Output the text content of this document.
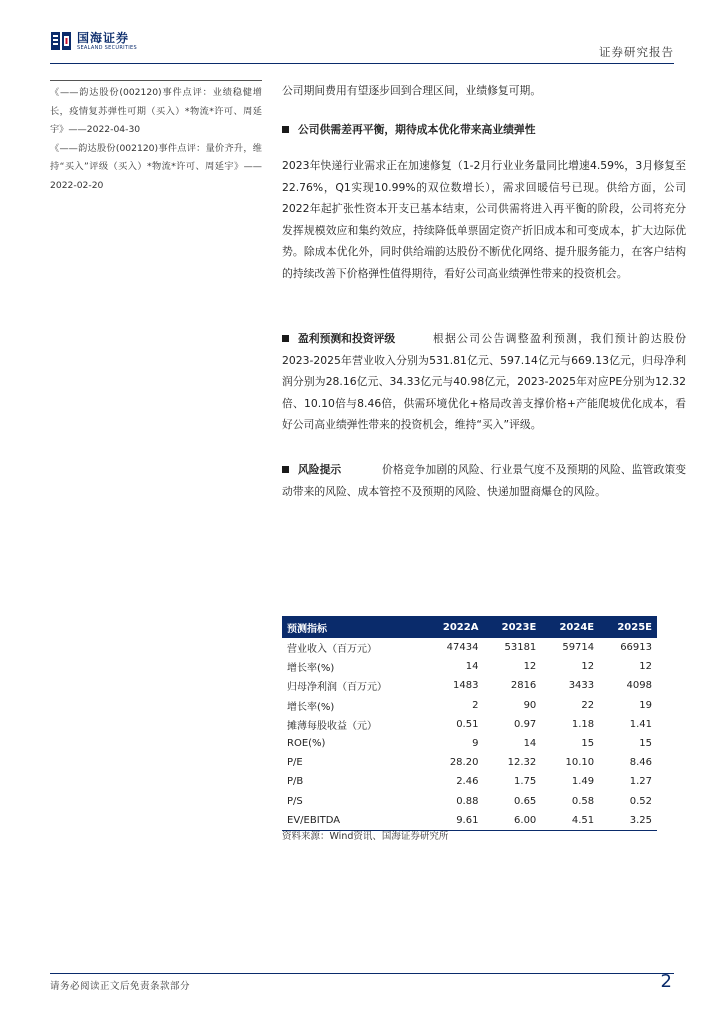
国海证券
SEALAND SECURITIES	证券研究报告
《——韵达股份(002120)事件点评：业绩稳健增长，疫情复苏弹性可期（买入）*物流*许可、周延宇》——2022-04-30
《——韵达股份(002120)事件点评：量价齐升，维持“买入”评级（买入）*物流*许可、周延宇》——2022-02-20
公司期间费用有望逐步回到合理区间，业绩修复可期。
公司供需差再平衡，期待成本优化带来高业绩弹性
2023年快递行业需求正在加速修复（1-2月行业业务量同比增速4.59%，3月修复至22.76%，Q1实现10.99%的双位数增长），需求回暖信号已现。供给方面，公司2022年起扩张性资本开支已基本结束，公司供需将进入再平衡的阶段，公司将充分发挥规模效应和集约效应，持续降低单票固定资产折旧成本和可变成本，扩大边际优势。除成本优化外，同时供给端韵达股份不断优化网络、提升服务能力，在客户结构的持续改善下价格弹性值得期待，看好公司高业绩弹性带来的投资机会。
盈利预测和投资评级	根据公司公告调整盈利预测，我们预计韵达股份2023-2025年营业收入分别为531.81亿元、597.14亿元与669.13亿元，归母净利润分别为28.16亿元、34.33亿元与40.98亿元，2023-2025年对应PE分别为12.32倍、10.10倍与8.46倍，供需环境优化+格局改善支撑价格+产能爬坡优化成本，看好公司高业绩弹性带来的投资机会，维持“买入”评级。
风险提示	价格竞争加剧的风险、行业景气度不及预期的风险、监管政策变动带来的风险、成本管控不及预期的风险、快递加盟商爆仓的风险。
预测指标	2022A	2023E	2024E	2025E
营业收入（百万元）	47434	53181	59714	66913
增长率(%)	14	12	12	12
归母净利润（百万元）	1483	2816	3433	4098
增长率(%)	2	90	22	19
摊薄每股收益（元）	0.51	0.97	1.18	1.41
ROE(%)	9	14	15	15
P/E	28.20	12.32	10.10	8.46
P/B	2.46	1.75	1.49	1.27
P/S	0.88	0.65	0.58	0.52
EV/EBITDA	9.61	6.00	4.51	3.25
资料来源：Wind资讯、国海证券研究所
请务必阅读正文后免责条款部分	2
